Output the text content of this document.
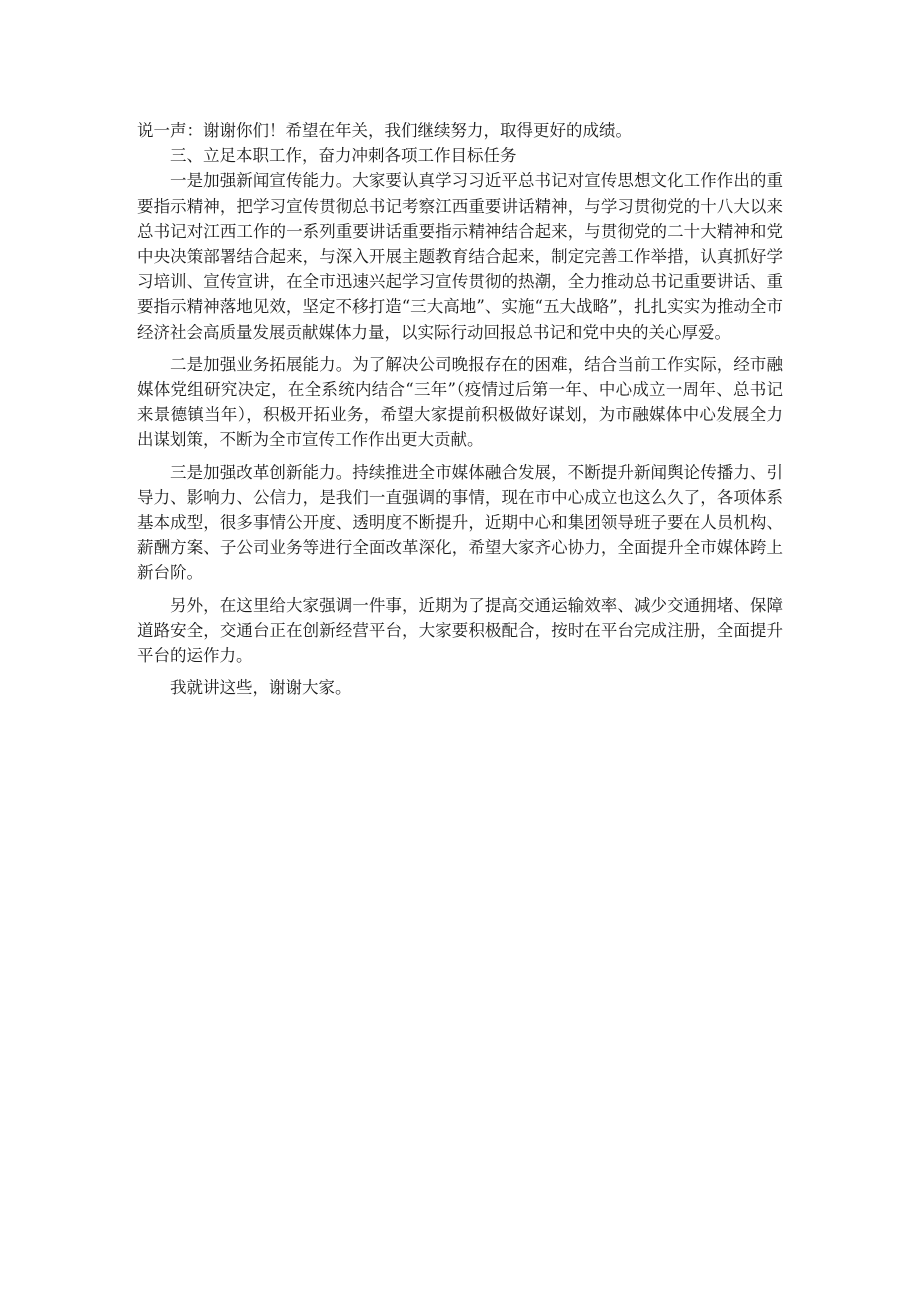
说一声：谢谢你们！希望在年关，我们继续努力，取得更好的成绩。

三、立足本职工作，奋力冲刺各项工作目标任务

一是加强新闻宣传能力。大家要认真学习习近平总书记对宣传思想文化工作作出的重要指示精神，把学习宣传贯彻总书记考察江西重要讲话精神，与学习贯彻党的十八大以来总书记对江西工作的一系列重要讲话重要指示精神结合起来，与贯彻党的二十大精神和党中央决策部署结合起来，与深入开展主题教育结合起来，制定完善工作举措，认真抓好学习培训、宣传宣讲，在全市迅速兴起学习宣传贯彻的热潮，全力推动总书记重要讲话、重要指示精神落地见效，坚定不移打造“三大高地”、实施“五大战略”，扎扎实实为推动全市经济社会高质量发展贡献媒体力量，以实际行动回报总书记和党中央的关心厚爱。

二是加强业务拓展能力。为了解决公司晚报存在的困难，结合当前工作实际，经市融媒体党组研究决定，在全系统内结合“三年”（疫情过后第一年、中心成立一周年、总书记来景德镇当年），积极开拓业务，希望大家提前积极做好谋划，为市融媒体中心发展全力出谋划策，不断为全市宣传工作作出更大贡献。

三是加强改革创新能力。持续推进全市媒体融合发展，不断提升新闻舆论传播力、引导力、影响力、公信力，是我们一直强调的事情，现在市中心成立也这么久了，各项体系基本成型，很多事情公开度、透明度不断提升，近期中心和集团领导班子要在人员机构、薪酬方案、子公司业务等进行全面改革深化，希望大家齐心协力，全面提升全市媒体跨上新台阶。

另外，在这里给大家强调一件事，近期为了提高交通运输效率、减少交通拥堵、保障道路安全，交通台正在创新经营平台，大家要积极配合，按时在平台完成注册，全面提升平台的运作力。

我就讲这些，谢谢大家。
